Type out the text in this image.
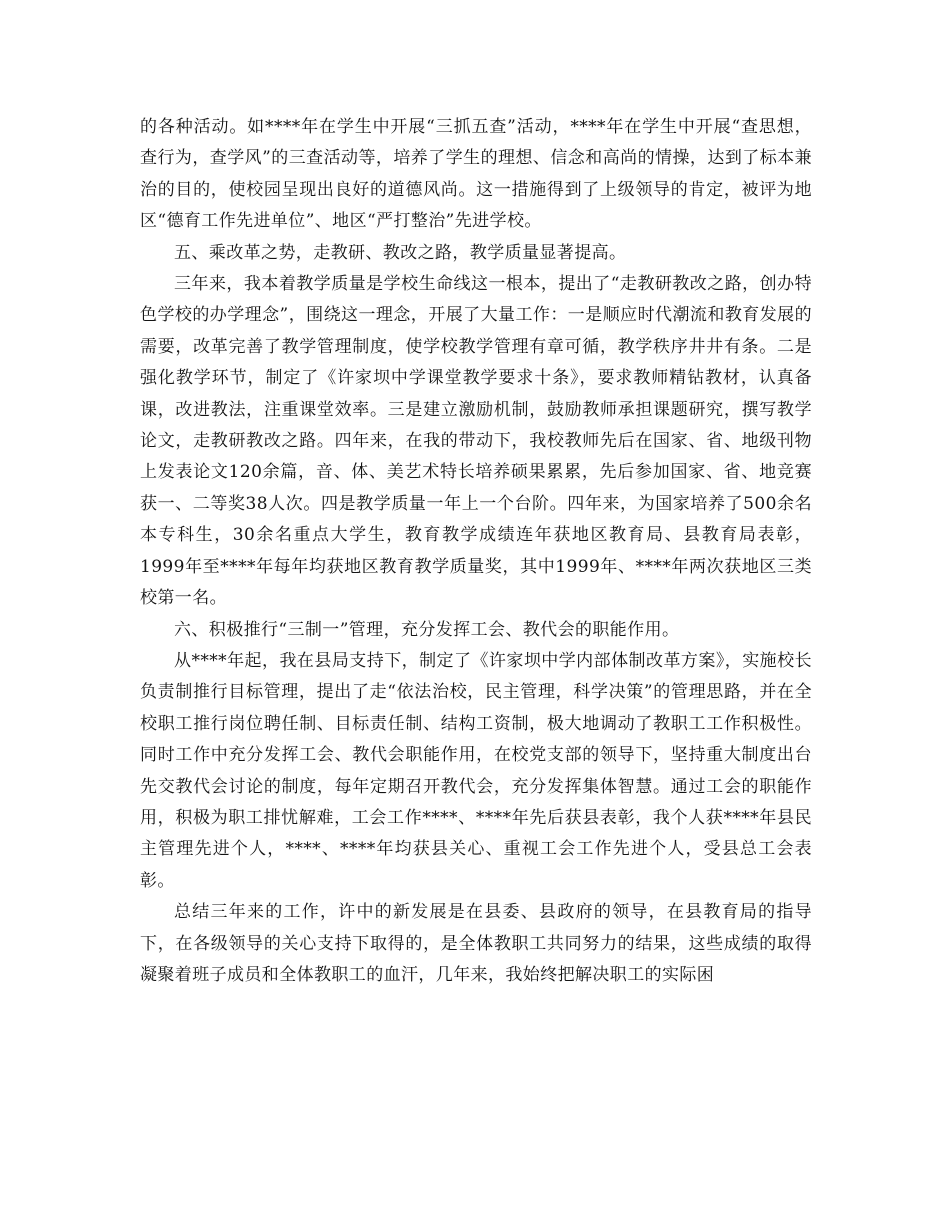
的各种活动。如****年在学生中开展“三抓五查”活动，****年在学生中开展“查思想，查行为，查学风”的三查活动等，培养了学生的理想、信念和高尚的情操，达到了标本兼治的目的，使校园呈现出良好的道德风尚。这一措施得到了上级领导的肯定，被评为地区“德育工作先进单位”、地区“严打整治”先进学校。

五、乘改革之势，走教研、教改之路，教学质量显著提高。

三年来，我本着教学质量是学校生命线这一根本，提出了“走教研教改之路，创办特色学校的办学理念”，围绕这一理念，开展了大量工作：一是顺应时代潮流和教育发展的需要，改革完善了教学管理制度，使学校教学管理有章可循，教学秩序井井有条。二是强化教学环节，制定了《许家坝中学课堂教学要求十条》，要求教师精钻教材，认真备课，改进教法，注重课堂效率。三是建立激励机制，鼓励教师承担课题研究，撰写教学论文，走教研教改之路。四年来，在我的带动下，我校教师先后在国家、省、地级刊物上发表论文120余篇，音、体、美艺术特长培养硕果累累，先后参加国家、省、地竞赛获一、二等奖38人次。四是教学质量一年上一个台阶。四年来，为国家培养了500余名本专科生，30余名重点大学生，教育教学成绩连年获地区教育局、县教育局表彰，1999年至****年每年均获地区教育教学质量奖，其中1999年、****年两次获地区三类校第一名。

六、积极推行“三制一”管理，充分发挥工会、教代会的职能作用。

从****年起，我在县局支持下，制定了《许家坝中学内部体制改革方案》，实施校长负责制推行目标管理，提出了走“依法治校，民主管理，科学决策”的管理思路，并在全校职工推行岗位聘任制、目标责任制、结构工资制，极大地调动了教职工工作积极性。同时工作中充分发挥工会、教代会职能作用，在校党支部的领导下，坚持重大制度出台先交教代会讨论的制度，每年定期召开教代会，充分发挥集体智慧。通过工会的职能作用，积极为职工排忧解难，工会工作****、****年先后获县表彰，我个人获****年县民主管理先进个人，****、****年均获县关心、重视工会工作先进个人，受县总工会表彰。

总结三年来的工作，许中的新发展是在县委、县政府的领导，在县教育局的指导下，在各级领导的关心支持下取得的，是全体教职工共同努力的结果，这些成绩的取得凝聚着班子成员和全体教职工的血汗，几年来，我始终把解决职工的实际困
